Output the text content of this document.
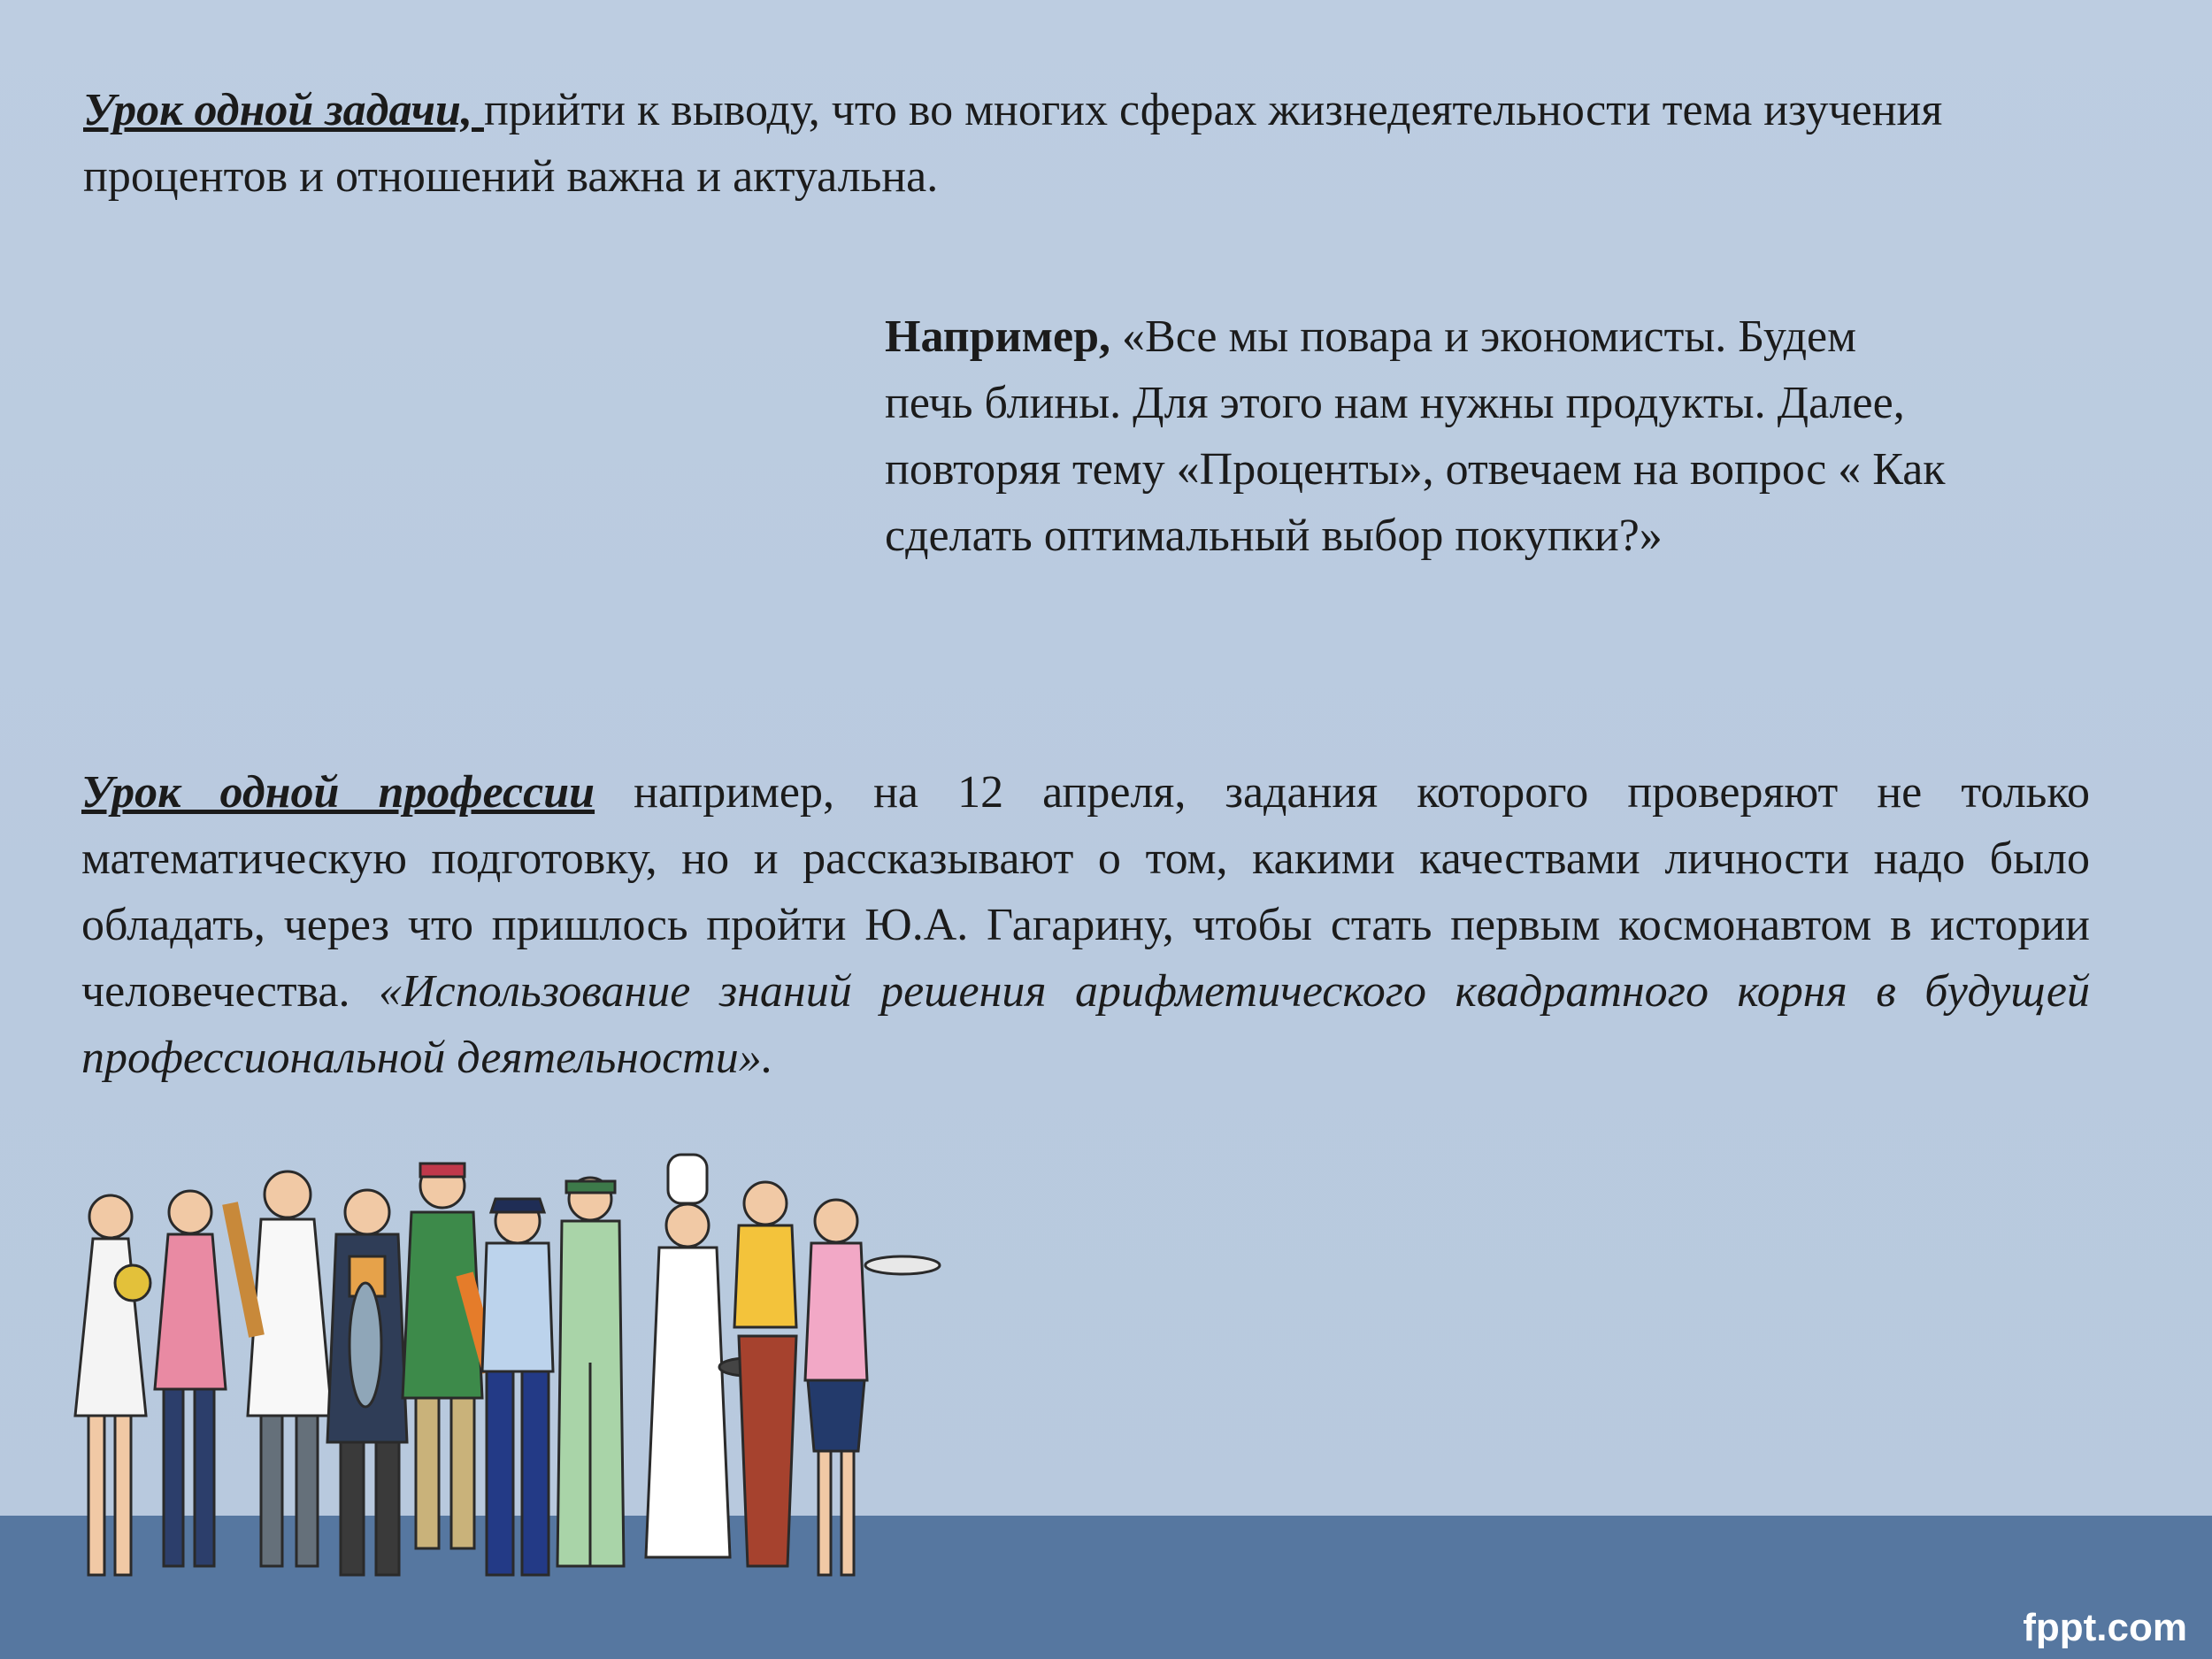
Урок одной задачи, прийти к выводу, что во многих сферах жизнедеятельности тема изучения процентов и отношений важна и актуальна.

Например, «Все мы повара и экономисты. Будем печь блины. Для этого нам нужны продукты. Далее, повторяя тему «Проценты», отвечаем на вопрос « Как сделать оптимальный выбор покупки?»

Урок одной профессии например, на 12 апреля, задания которого проверяют не только математическую подготовку, но и рассказывают о том, какими качествами личности надо было обладать, через что пришлось пройти Ю.А. Гагарину, чтобы стать первым космонавтом в истории человечества. «Использование знаний решения арифметического квадратного корня в будущей профессиональной деятельности».

fppt.com
